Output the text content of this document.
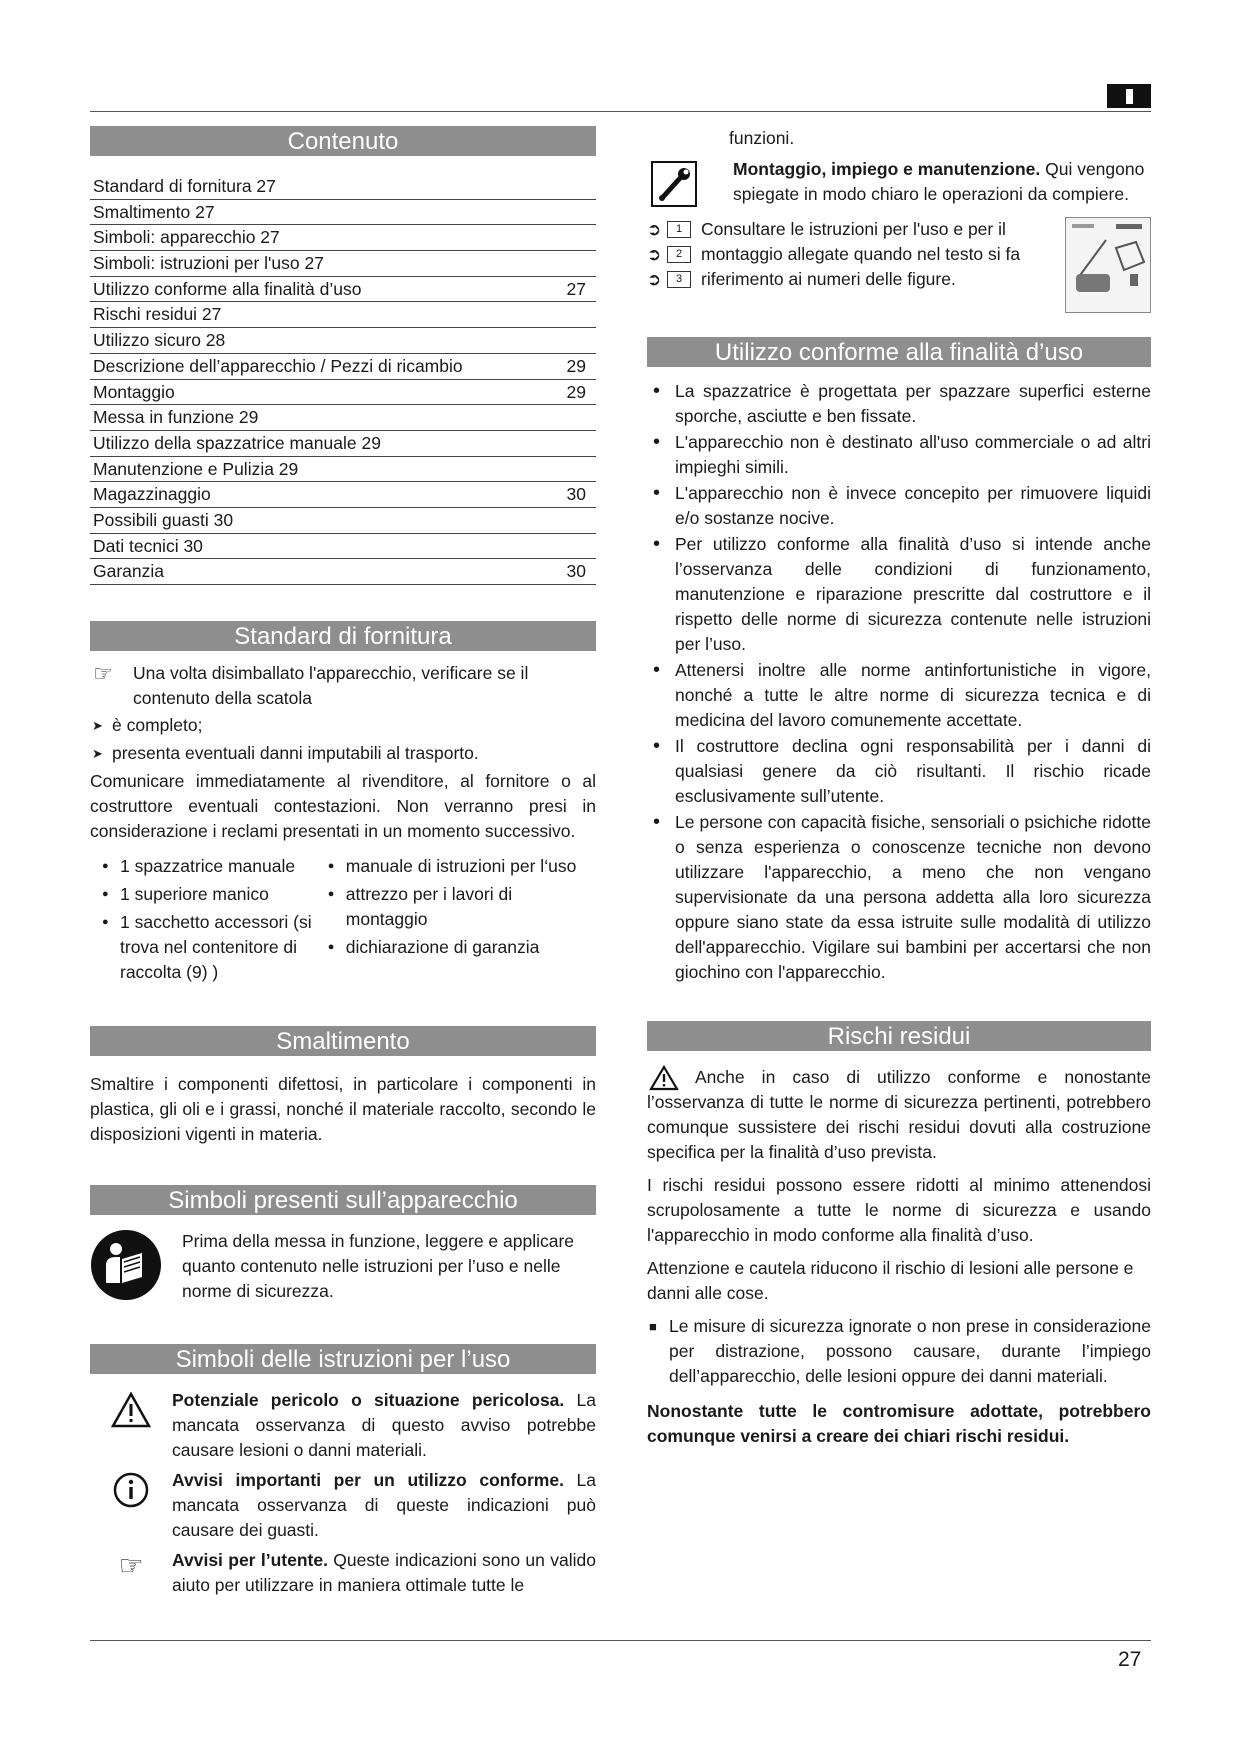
Contenuto
Standard di fornitura 27
Smaltimento 27
Simboli: apparecchio 27
Simboli: istruzioni per l'uso 27
Utilizzo conforme alla finalità d’uso	27
Rischi residui 27
Utilizzo sicuro 28
Descrizione dell’apparecchio / Pezzi di ricambio	29
Montaggio	29
Messa in funzione 29
Utilizzo della spazzatrice manuale 29
Manutenzione e Pulizia 29
Magazzinaggio	30
Possibili guasti 30
Dati tecnici 30
Garanzia	30
Standard di fornitura
☞ Una volta disimballato l'apparecchio, verificare se il contenuto della scatola
➤ è completo;
➤ presenta eventuali danni imputabili al trasporto.

Comunicare immediatamente al rivenditore, al fornitore o al costruttore eventuali contestazioni. Non verranno presi in considerazione i reclami presentati in un momento successivo.

● 1 spazzatrice manuale
● 1 superiore manico
● 1 sacchetto accessori (si trova nel contenitore di raccolta (9) )
● manuale di istruzioni per l‘uso
● attrezzo per i lavori di montaggio
● dichiarazione di garanzia
Smaltimento

Smaltire i componenti difettosi, in particolare i componenti in plastica, gli oli e i grassi, nonché il materiale raccolto, secondo le disposizioni vigenti in materia.

Simboli presenti sull’apparecchio

Prima della messa in funzione, leggere e applicare quanto contenuto nelle istruzioni per l’uso e nelle norme di sicurezza.

Simboli delle istruzioni per l’uso

Potenziale pericolo o situazione pericolosa. La mancata osservanza di questo avviso potrebbe causare lesioni o danni materiali.

Avvisi importanti per un utilizzo conforme. La mancata osservanza di queste indicazioni può causare dei guasti.

☞ Avvisi per l’utente. Queste indicazioni sono un valido aiuto per utilizzare in maniera ottimale tutte le

funzioni.

Montaggio, impiego e manutenzione. Qui vengono spiegate in modo chiaro le operazioni da compiere.

➲	1	Consultare le istruzioni per l'uso e per il
➲	2	montaggio allegate quando nel testo si fa
➲	3	riferimento ai numeri delle figure.
Utilizzo conforme alla finalità d’uso
• La spazzatrice è progettata per spazzare superfici esterne sporche, asciutte e ben fissate.
• L'apparecchio non è destinato all'uso commerciale o ad altri impieghi simili.
• L'apparecchio non è invece concepito per rimuovere liquidi e/o sostanze nocive.
• Per utilizzo conforme alla finalità d’uso si intende anche l’osservanza delle condizioni di funzionamento, manutenzione e riparazione prescritte dal costruttore e il rispetto delle norme di sicurezza contenute nelle istruzioni per l’uso.
• Attenersi inoltre alle norme antinfortunistiche in vigore, nonché a tutte le altre norme di sicurezza tecnica e di medicina del lavoro comunemente accettate.
• Il costruttore declina ogni responsabilità per i danni di qualsiasi genere da ciò risultanti. Il rischio ricade esclusivamente sull’utente.
• Le persone con capacità fisiche, sensoriali o psichiche ridotte o senza esperienza o conoscenze tecniche non devono utilizzare l'apparecchio, a meno che non vengano supervisionate da una persona addetta alla loro sicurezza oppure siano state da essa istruite sulle modalità di utilizzo dell'apparecchio. Vigilare sui bambini per accertarsi che non giochino con l'apparecchio.
Rischi residui

Anche in caso di utilizzo conforme e nonostante l’osservanza di tutte le norme di sicurezza pertinenti, potrebbero comunque sussistere dei rischi residui dovuti alla costruzione specifica per la finalità d’uso prevista.

I rischi residui possono essere ridotti al minimo attenendosi scrupolosamente a tutte le norme di sicurezza e usando l'apparecchio in modo conforme alla finalità d’uso.

Attenzione e cautela riducono il rischio di lesioni alle persone e danni alle cose.

■ Le misure di sicurezza ignorate o non prese in considerazione per distrazione, possono causare, durante l’impiego dell’apparecchio, delle lesioni oppure dei danni materiali.

Nonostante tutte le contromisure adottate, potrebbero comunque venirsi a creare dei chiari rischi residui.

27
